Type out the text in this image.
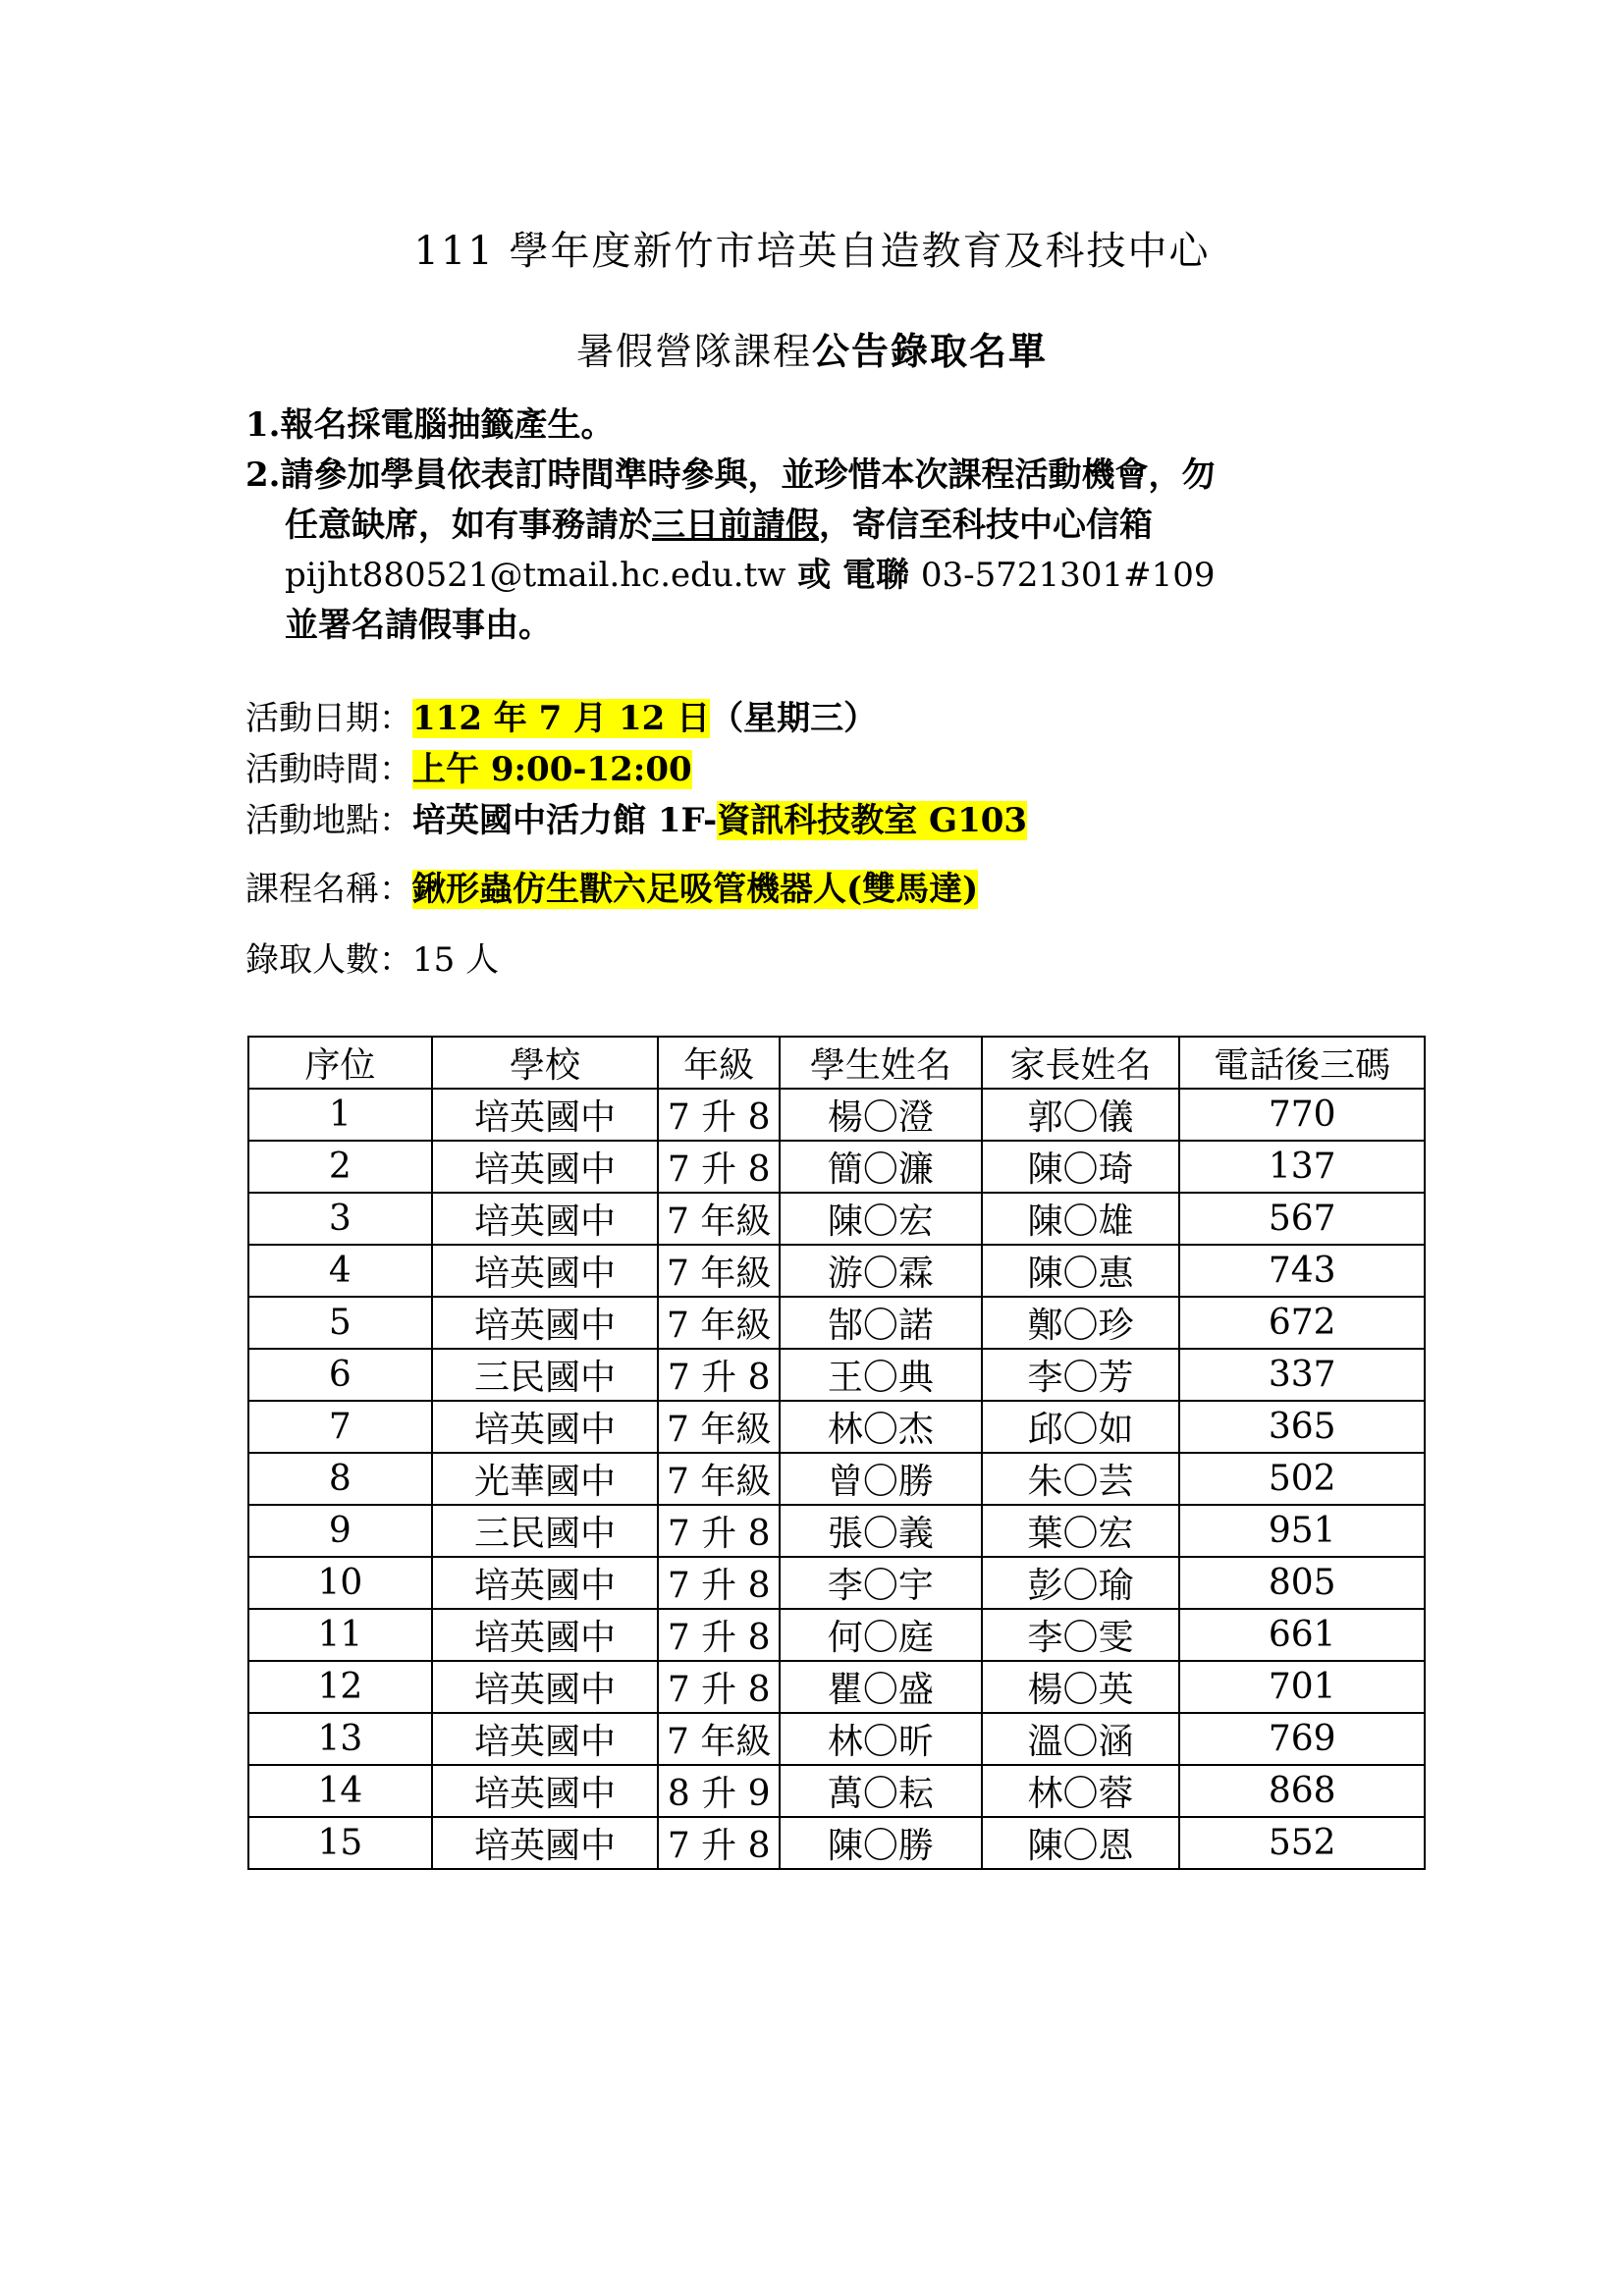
111 學年度新竹市培英自造教育及科技中心
暑假營隊課程公告錄取名單
1.報名採電腦抽籤產生。
2.請參加學員依表訂時間準時參與，並珍惜本次課程活動機會，勿
任意缺席，如有事務請於三日前請假，寄信至科技中心信箱
pijht880521@tmail.hc.edu.tw 或 電聯 03-5721301#109
並署名請假事由。
活動日期：112 年 7 月 12 日（星期三）
活動時間：上午 9:00-12:00
活動地點：培英國中活力館 1F-資訊科技教室 G103
課程名稱：鍬形蟲仿生獸六足吸管機器人(雙馬達)
錄取人數：15 人
序位	學校	年級	學生姓名	家長姓名	電話後三碼
1	培英國中	7 升 8	楊〇澄	郭〇儀	770
2	培英國中	7 升 8	簡〇濂	陳〇琦	137
3	培英國中	7 年級	陳〇宏	陳〇雄	567
4	培英國中	7 年級	游〇霖	陳〇惠	743
5	培英國中	7 年級	郜〇諾	鄭〇珍	672
6	三民國中	7 升 8	王〇典	李〇芳	337
7	培英國中	7 年級	林〇杰	邱〇如	365
8	光華國中	7 年級	曾〇勝	朱〇芸	502
9	三民國中	7 升 8	張〇義	葉〇宏	951
10	培英國中	7 升 8	李〇宇	彭〇瑜	805
11	培英國中	7 升 8	何〇庭	李〇雯	661
12	培英國中	7 升 8	瞿〇盛	楊〇英	701
13	培英國中	7 年級	林〇昕	溫〇涵	769
14	培英國中	8 升 9	萬〇耘	林〇蓉	868
15	培英國中	7 升 8	陳〇勝	陳〇恩	552
